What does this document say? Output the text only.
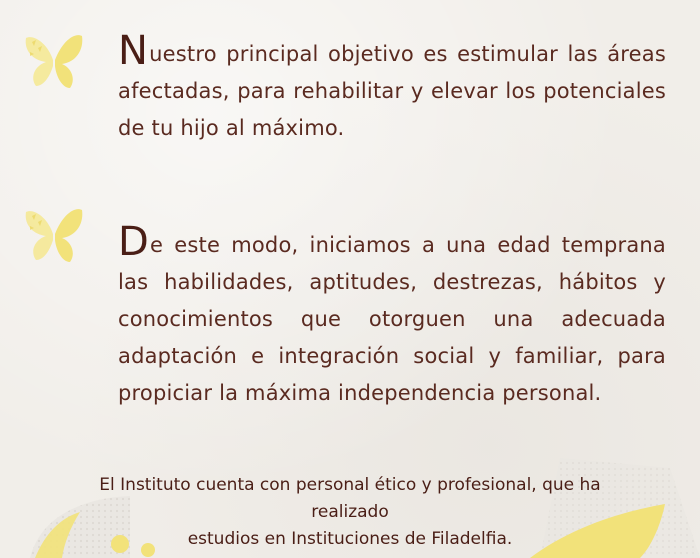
Nuestro principal objetivo es estimular las áreas afectadas, para rehabilitar y elevar los potenciales de tu hijo al máximo.
De este modo, iniciamos a una edad temprana las habilidades, aptitudes, destrezas, hábitos y conocimientos que otorguen una adecuada adaptación e integración social y familiar, para propiciar la máxima independencia personal.
El Instituto cuenta con personal ético y profesional, que ha realizado
estudios en Instituciones de Filadelfia.
